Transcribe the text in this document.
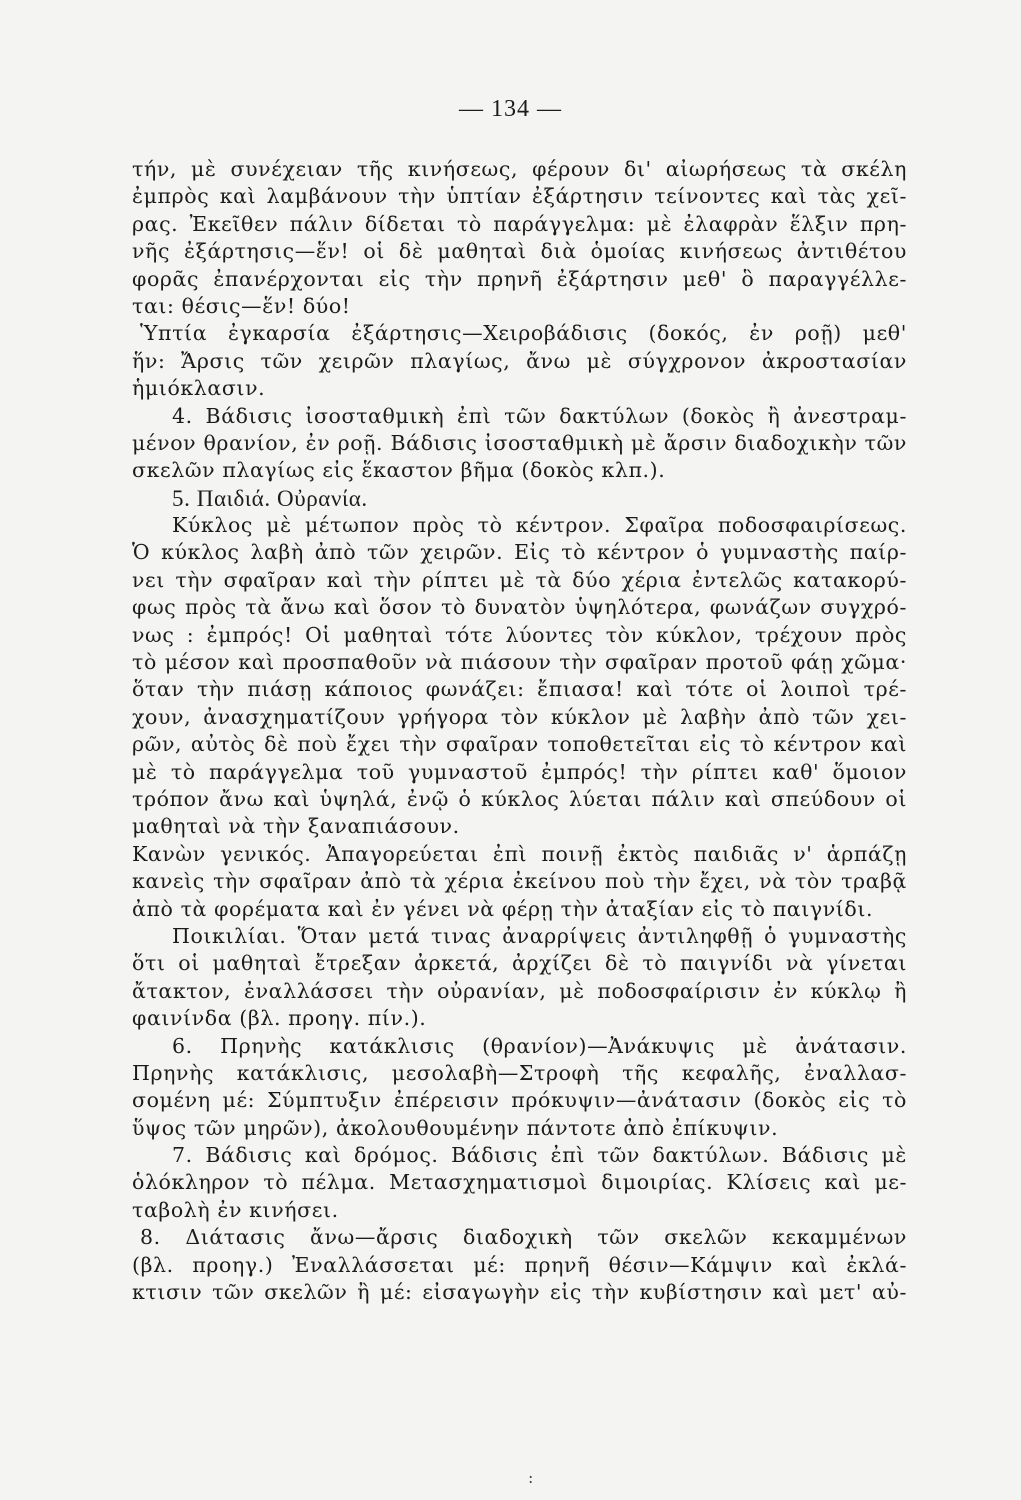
— 134 —
τήν, μὲ συνέχειαν τῆς κινήσεως, φέρουν δι' αἰωρήσεως τὰ σκέλη
ἐμπρὸς καὶ λαμβάνουν τὴν ὑπτίαν ἐξάρτησιν τείνοντες καὶ τὰς χεῖ-
ρας. Ἐκεῖθεν πάλιν δίδεται τὸ παράγγελμα: μὲ ἐλαφρὰν ἕλξιν πρη-
νῆς ἐξάρτησις—ἕν! οἱ δὲ μαθηταὶ διὰ ὁμοίας κινήσεως ἀντιθέτου
φορᾶς ἐπανέρχονται εἰς τὴν πρηνῆ ἐξάρτησιν μεθ' ὃ παραγγέλλε-
ται: θέσις—ἕν! δύο!
Ὑπτία ἐγκαρσία ἐξάρτησις—Χειροβάδισις (δοκός, ἐν ροῇ) μεθ'
ἥν: Ἄρσις τῶν χειρῶν πλαγίως, ἄνω μὲ σύγχρονον ἀκροστασίαν
ἡμιόκλασιν.
4. Βάδισις ἰσοσταθμικὴ ἐπὶ τῶν δακτύλων (δοκὸς ἢ ἀνεστραμ-
μένον θρανίον, ἐν ροῇ. Βάδισις ἰσοσταθμικὴ μὲ ἄρσιν διαδοχικὴν τῶν
σκελῶν πλαγίως εἰς ἕκαστον βῆμα (δοκὸς κλπ.).
5. Παιδιά. Οὐρανία.
Κύκλος μὲ μέτωπον πρὸς τὸ κέντρον. Σφαῖρα ποδοσφαιρίσεως.
Ὁ κύκλος λαβὴ ἀπὸ τῶν χειρῶν. Εἰς τὸ κέντρον ὁ γυμναστὴς παίρ-
νει τὴν σφαῖραν καὶ τὴν ρίπτει μὲ τὰ δύο χέρια ἐντελῶς κατακορύ-
φως πρὸς τὰ ἄνω καὶ ὅσον τὸ δυνατὸν ὑψηλότερα, φωνάζων συγχρό-
νως : ἐμπρός! Οἱ μαθηταὶ τότε λύοντες τὸν κύκλον, τρέχουν πρὸς
τὸ μέσον καὶ προσπαθοῦν νὰ πιάσουν τὴν σφαῖραν προτοῦ φάῃ χῶμα·
ὅταν τὴν πιάσῃ κάποιος φωνάζει: ἔπιασα! καὶ τότε οἱ λοιποὶ τρέ-
χουν, ἀνασχηματίζουν γρήγορα τὸν κύκλον μὲ λαβὴν ἀπὸ τῶν χει-
ρῶν, αὐτὸς δὲ ποὺ ἔχει τὴν σφαῖραν τοποθετεῖται εἰς τὸ κέντρον καὶ
μὲ τὸ παράγγελμα τοῦ γυμναστοῦ ἐμπρός! τὴν ρίπτει καθ' ὅμοιον
τρόπον ἄνω καὶ ὑψηλά, ἐνῷ ὁ κύκλος λύεται πάλιν καὶ σπεύδουν οἱ
μαθηταὶ νὰ τὴν ξαναπιάσουν.
Κανὼν γενικός. Ἀπαγορεύεται ἐπὶ ποινῇ ἐκτὸς παιδιᾶς ν' ἁρπάζῃ
κανεὶς τὴν σφαῖραν ἀπὸ τὰ χέρια ἐκείνου ποὺ τὴν ἔχει, νὰ τὸν τραβᾷ
ἀπὸ τὰ φορέματα καὶ ἐν γένει νὰ φέρῃ τὴν ἀταξίαν εἰς τὸ παιγνίδι.
Ποικιλίαι. Ὅταν μετά τινας ἀναρρίψεις ἀντιληφθῇ ὁ γυμναστὴς
ὅτι οἱ μαθηταὶ ἔτρεξαν ἀρκετά, ἀρχίζει δὲ τὸ παιγνίδι νὰ γίνεται
ἄτακτον, ἐναλλάσσει τὴν οὐρανίαν, μὲ ποδοσφαίρισιν ἐν κύκλῳ ἢ
φαινίνδα (βλ. προηγ. πίν.).
6. Πρηνὴς κατάκλισις (θρανίον)—Ἀνάκυψις μὲ ἀνάτασιν.
Πρηνὴς κατάκλισις, μεσολαβὴ—Στροφὴ τῆς κεφαλῆς, ἐναλλασ-
σομένη μέ: Σύμπτυξιν ἐπέρεισιν πρόκυψιν—ἀνάτασιν (δοκὸς εἰς τὸ
ὕψος τῶν μηρῶν), ἀκολουθουμένην πάντοτε ἀπὸ ἐπίκυψιν.
7. Βάδισις καὶ δρόμος. Βάδισις ἐπὶ τῶν δακτύλων. Βάδισις μὲ
ὁλόκληρον τὸ πέλμα. Μετασχηματισμοὶ διμοιρίας. Κλίσεις καὶ με-
ταβολὴ ἐν κινήσει.
8. Διάτασις ἄνω—ἄρσις διαδοχικὴ τῶν σκελῶν κεκαμμένων
(βλ. προηγ.) Ἐναλλάσσεται μέ: πρηνῆ θέσιν—Κάμψιν καὶ ἐκλά-
κτισιν τῶν σκελῶν ἢ μέ: εἰσαγωγὴν εἰς τὴν κυβίστησιν καὶ μετ' αὐ-
:
